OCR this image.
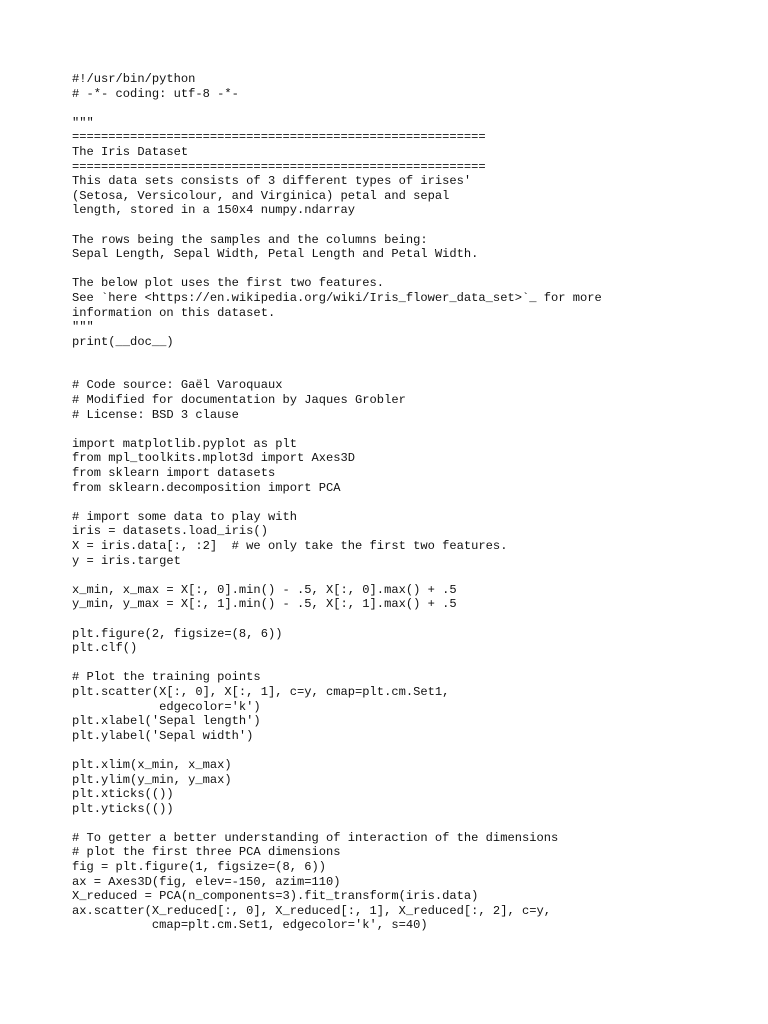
#!/usr/bin/python
# -*- coding: utf-8 -*-
"""
=========================================================
The Iris Dataset
=========================================================
This data sets consists of 3 different types of irises'
(Setosa, Versicolour, and Virginica) petal and sepal
length, stored in a 150x4 numpy.ndarray
The rows being the samples and the columns being:
Sepal Length, Sepal Width, Petal Length and Petal Width.
The below plot uses the first two features.
See `here <https://en.wikipedia.org/wiki/Iris_flower_data_set>`_ for more
information on this dataset.
"""
print(__doc__)
# Code source: Gaël Varoquaux
# Modified for documentation by Jaques Grobler
# License: BSD 3 clause
import matplotlib.pyplot as plt
from mpl_toolkits.mplot3d import Axes3D
from sklearn import datasets
from sklearn.decomposition import PCA
# import some data to play with
iris = datasets.load_iris()
X = iris.data[:, :2]  # we only take the first two features.
y = iris.target
x_min, x_max = X[:, 0].min() - .5, X[:, 0].max() + .5
y_min, y_max = X[:, 1].min() - .5, X[:, 1].max() + .5
plt.figure(2, figsize=(8, 6))
plt.clf()
# Plot the training points
plt.scatter(X[:, 0], X[:, 1], c=y, cmap=plt.cm.Set1,
edgecolor='k')
plt.xlabel('Sepal length')
plt.ylabel('Sepal width')
plt.xlim(x_min, x_max)
plt.ylim(y_min, y_max)
plt.xticks(())
plt.yticks(())
# To getter a better understanding of interaction of the dimensions
# plot the first three PCA dimensions
fig = plt.figure(1, figsize=(8, 6))
ax = Axes3D(fig, elev=-150, azim=110)
X_reduced = PCA(n_components=3).fit_transform(iris.data)
ax.scatter(X_reduced[:, 0], X_reduced[:, 1], X_reduced[:, 2], c=y,
cmap=plt.cm.Set1, edgecolor='k', s=40)
